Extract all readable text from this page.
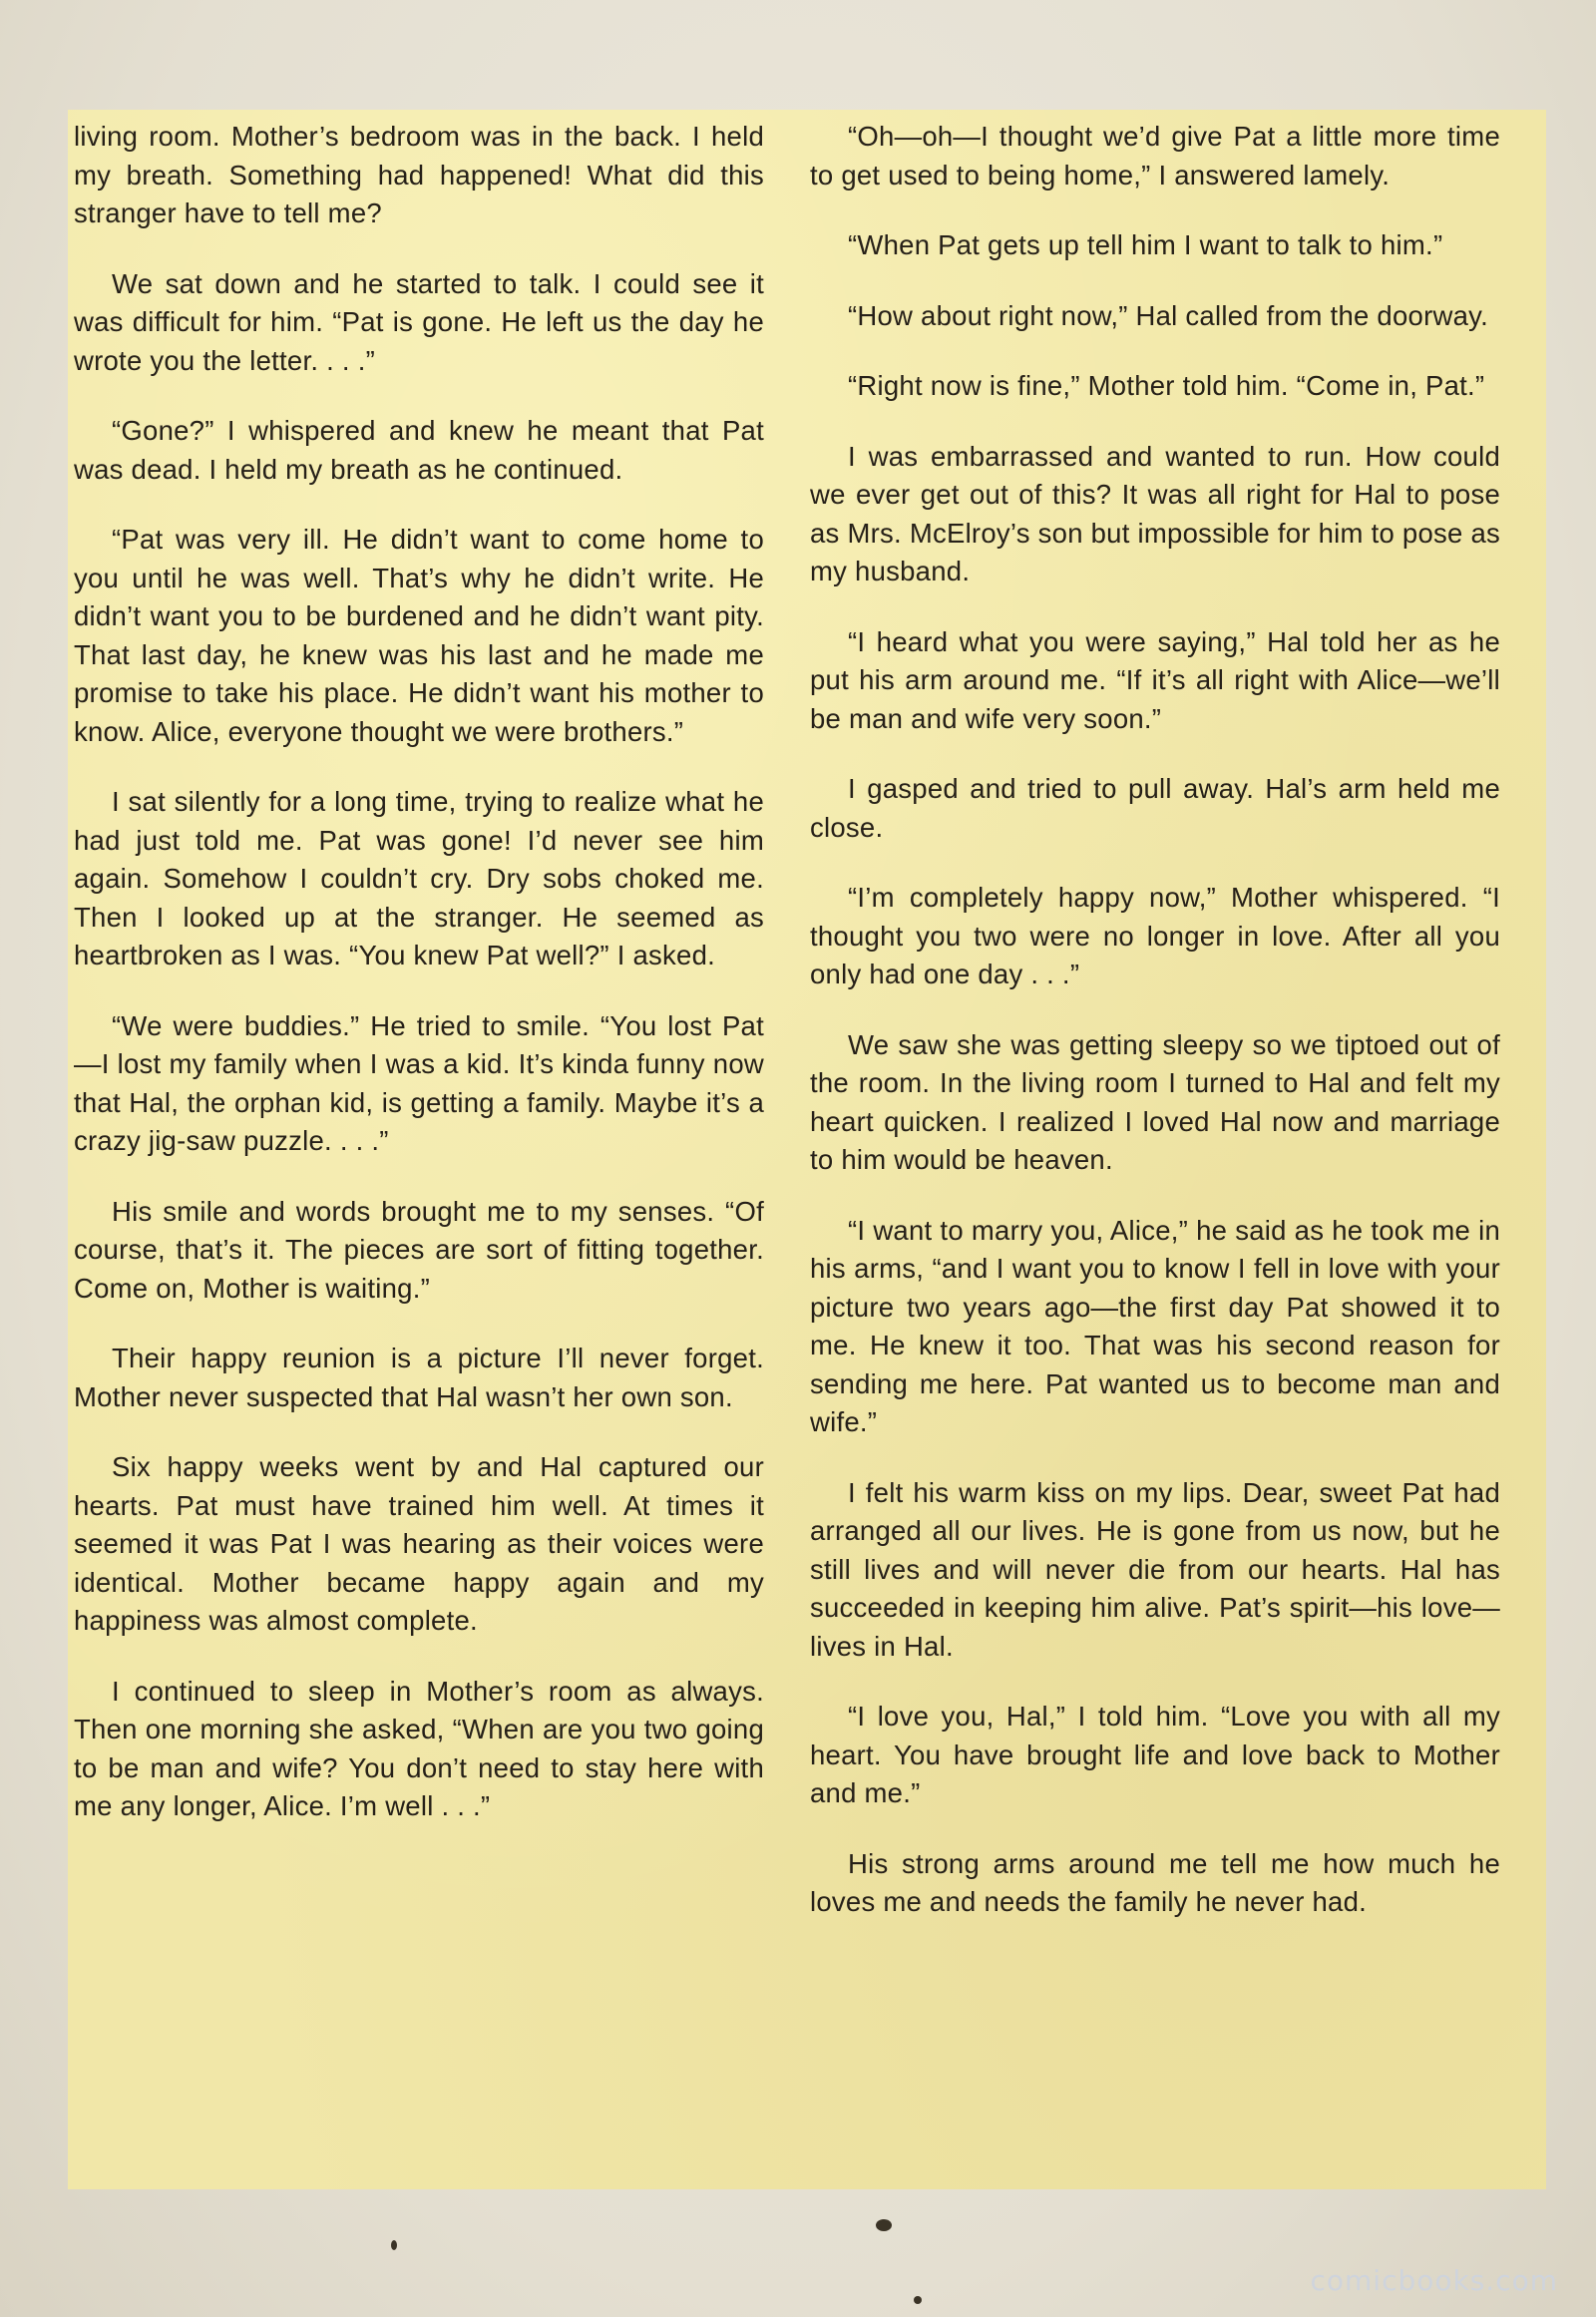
living room. Mother’s bedroom was in the back. I held my breath. Something had happened! What did this stranger have to tell me?

We sat down and he started to talk. I could see it was difficult for him. “Pat is gone. He left us the day he wrote you the letter. . . .”

“Gone?” I whispered and knew he meant that Pat was dead. I held my breath as he continued.

“Pat was very ill. He didn’t want to come home to you until he was well. That’s why he didn’t write. He didn’t want you to be burdened and he didn’t want pity. That last day, he knew was his last and he made me promise to take his place. He didn’t want his mother to know. Alice, everyone thought we were brothers.”

I sat silently for a long time, trying to realize what he had just told me. Pat was gone! I’d never see him again. Somehow I couldn’t cry. Dry sobs choked me. Then I looked up at the stranger. He seemed as heartbroken as I was. “You knew Pat well?” I asked.

“We were buddies.” He tried to smile. “You lost Pat—I lost my family when I was a kid. It’s kinda funny now that Hal, the orphan kid, is getting a family. Maybe it’s a crazy jig-saw puzzle. . . .”

His smile and words brought me to my senses. “Of course, that’s it. The pieces are sort of fitting together. Come on, Mother is waiting.”

Their happy reunion is a picture I’ll never forget. Mother never suspected that Hal wasn’t her own son.

Six happy weeks went by and Hal captured our hearts. Pat must have trained him well. At times it seemed it was Pat I was hearing as their voices were identical. Mother became happy again and my happiness was almost complete.

I continued to sleep in Mother’s room as always. Then one morning she asked, “When are you two going to be man and wife? You don’t need to stay here with me any longer, Alice. I’m well . . .”

“Oh—oh—I thought we’d give Pat a little more time to get used to being home,” I answered lamely.

“When Pat gets up tell him I want to talk to him.”

“How about right now,” Hal called from the doorway.

“Right now is fine,” Mother told him. “Come in, Pat.”

I was embarrassed and wanted to run. How could we ever get out of this? It was all right for Hal to pose as Mrs. McElroy’s son but impossible for him to pose as my husband.

“I heard what you were saying,” Hal told her as he put his arm around me. “If it’s all right with Alice—we’ll be man and wife very soon.”

I gasped and tried to pull away. Hal’s arm held me close.

“I’m completely happy now,” Mother whispered. “I thought you two were no longer in love. After all you only had one day . . .”

We saw she was getting sleepy so we tiptoed out of the room. In the living room I turned to Hal and felt my heart quicken. I realized I loved Hal now and marriage to him would be heaven.

“I want to marry you, Alice,” he said as he took me in his arms, “and I want you to know I fell in love with your picture two years ago—the first day Pat showed it to me. He knew it too. That was his second reason for sending me here. Pat wanted us to become man and wife.”

I felt his warm kiss on my lips. Dear, sweet Pat had arranged all our lives. He is gone from us now, but he still lives and will never die from our hearts. Hal has succeeded in keeping him alive. Pat’s spirit—his love—lives in Hal.

“I love you, Hal,” I told him. “Love you with all my heart. You have brought life and love back to Mother and me.”

His strong arms around me tell me how much he loves me and needs the family he never had.

comicbooks.com
